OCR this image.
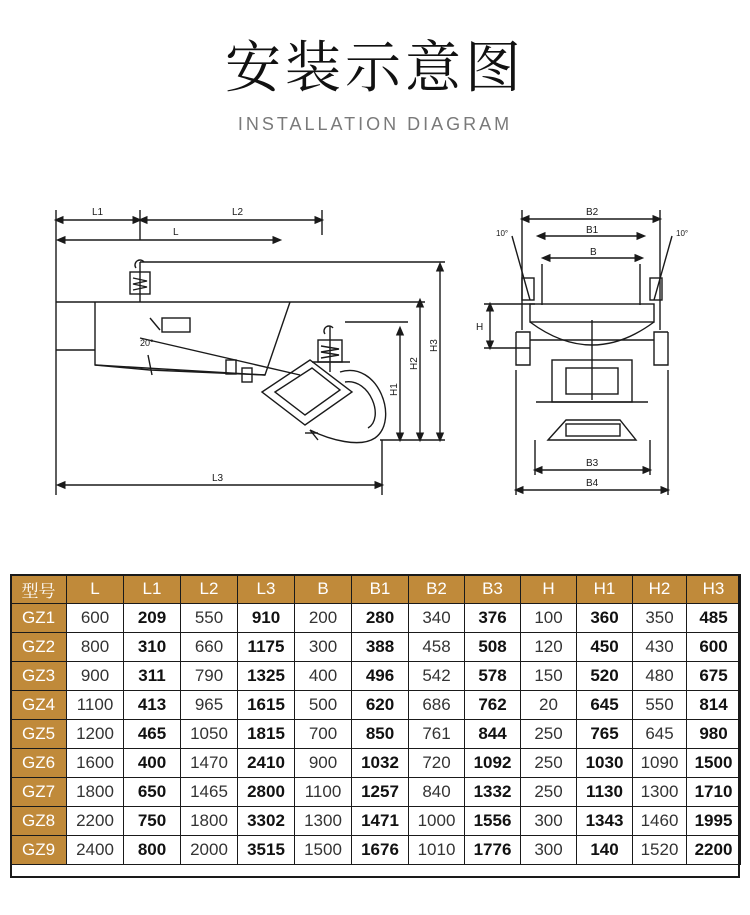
安装示意图
INSTALLATION DIAGRAM
L1	L2
L
L3
20°
H1
H2
H3
B2
B1
B
B3
B4
H
10°	10°
型号	L	L1	L2	L3	B	B1	B2	B3	H	H1	H2	H3
GZ1	600	209	550	910	200	280	340	376	100	360	350	485
GZ2	800	310	660	1175	300	388	458	508	120	450	430	600
GZ3	900	311	790	1325	400	496	542	578	150	520	480	675
GZ4	1100	413	965	1615	500	620	686	762	20	645	550	814
GZ5	1200	465	1050	1815	700	850	761	844	250	765	645	980
GZ6	1600	400	1470	2410	900	1032	720	1092	250	1030	1090	1500
GZ7	1800	650	1465	2800	1100	1257	840	1332	250	1130	1300	1710
GZ8	2200	750	1800	3302	1300	1471	1000	1556	300	1343	1460	1995
GZ9	2400	800	2000	3515	1500	1676	1010	1776	300	140	1520	2200
